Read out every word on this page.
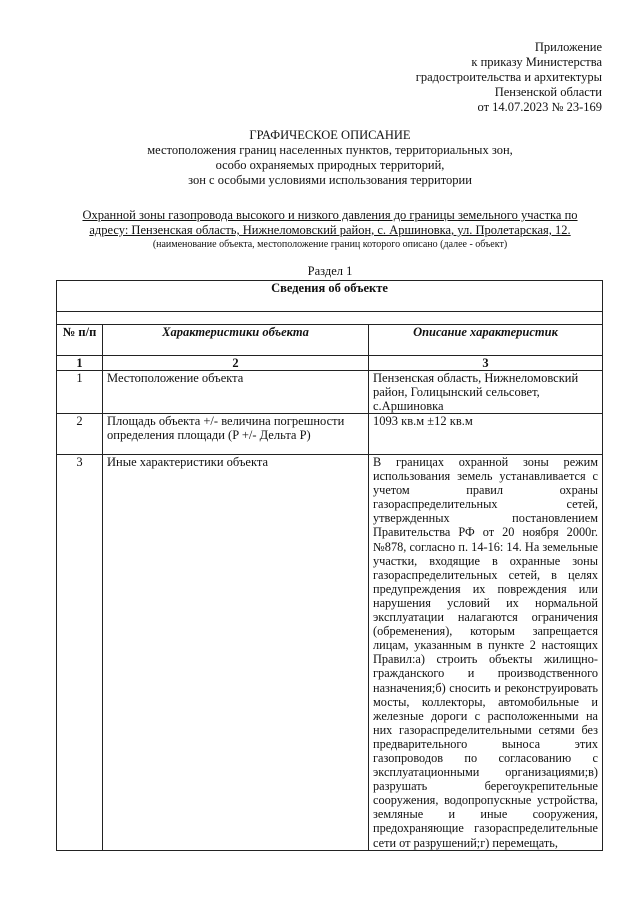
Приложение
к приказу Министерства
градостроительства и архитектуры
Пензенской области
от 14.07.2023 № 23-169
ГРАФИЧЕСКОЕ ОПИСАНИЕ
местоположения границ населенных пунктов, территориальных зон,
особо охраняемых природных территорий,
зон с особыми условиями использования территории
Охранной зоны газопровода высокого и низкого давления до границы земельного участка по
адресу: Пензенская область, Нижнеломовский район, с. Аршиновка, ул. Пролетарская, 12.
(наименование объекта, местоположение границ которого описано (далее - объект)
Раздел 1
Сведения об объекте		

№ п/п	Характеристики объекта	Описание характеристик
1	2	3
1	Местоположение объекта	Пензенская область, Нижнеломовский район, Голицынский сельсовет, с.Аршиновка
2	Площадь объекта +/- величина погрешности определения площади (P +/- Дельта P)	1093 кв.м ±12 кв.м
3	Иные характеристики объекта	В границах охранной зоны режим использования земель устанавливается с учетом правил охраны газораспределительных сетей, утвержденных постановлением Правительства РФ от 20 ноября 2000г. №878, согласно п. 14-16: 14. На земельные участки, входящие в охранные зоны газораспределительных сетей, в целях предупреждения их повреждения или нарушения условий их нормальной эксплуатации налагаются ограничения (обременения), которым запрещается лицам, указанным в пункте 2 настоящих Правил:а) строить объекты жилищно-гражданского и производственного назначения;б) сносить и реконструировать мосты, коллекторы, автомобильные и железные дороги с расположенными на них газораспределительными сетями без предварительного выноса этих газопроводов по согласованию с эксплуатационными организациями;в) разрушать берегоукрепительные сооружения, водопропускные устройства, земляные и иные сооружения, предохраняющие газораспределительные сети от разрушений;г) перемещать,
